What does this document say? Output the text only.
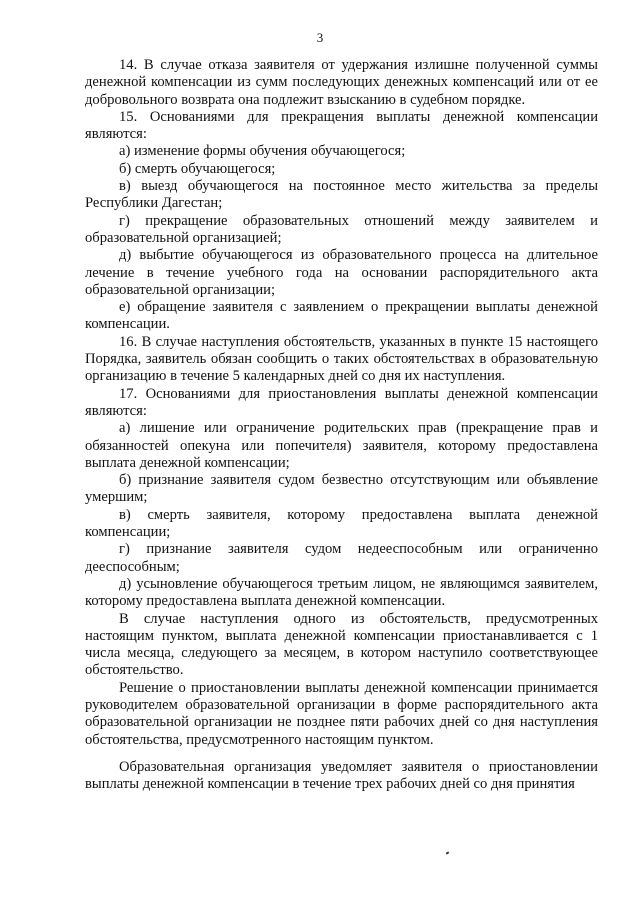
3

14. В случае отказа заявителя от удержания излишне полученной суммы денежной компенсации из сумм последующих денежных компенсаций или от ее добровольного возврата она подлежит взысканию в судебном порядке.

15. Основаниями для прекращения выплаты денежной компенсации являются:

а) изменение формы обучения обучающегося;

б) смерть обучающегося;

в) выезд обучающегося на постоянное место жительства за пределы Республики Дагестан;

г) прекращение образовательных отношений между заявителем и образовательной организацией;

д) выбытие обучающегося из образовательного процесса на длительное лечение в течение учебного года на основании распорядительного акта образовательной организации;

е) обращение заявителя с заявлением о прекращении выплаты денежной компенсации.

16. В случае наступления обстоятельств, указанных в пункте 15 настоящего Порядка, заявитель обязан сообщить о таких обстоятельствах в образовательную организацию в течение 5 календарных дней со дня их наступления.

17. Основаниями для приостановления выплаты денежной компенсации являются:

а) лишение или ограничение родительских прав (прекращение прав и обязанностей опекуна или попечителя) заявителя, которому предоставлена выплата денежной компенсации;

б) признание заявителя судом безвестно отсутствующим или объявление умершим;

в) смерть заявителя, которому предоставлена выплата денежной компенсации;

г) признание заявителя судом недееспособным или ограниченно дееспособным;

д) усыновление обучающегося третьим лицом, не являющимся заявителем, которому предоставлена выплата денежной компенсации.

В случае наступления одного из обстоятельств, предусмотренных настоящим пунктом, выплата денежной компенсации приостанавливается с 1 числа месяца, следующего за месяцем, в котором наступило соответствующее обстоятельство.

Решение о приостановлении выплаты денежной компенсации принимается руководителем образовательной организации в форме распорядительного акта образовательной организации не позднее пяти рабочих дней со дня наступления обстоятельства, предусмотренного настоящим пунктом.

Образовательная организация уведомляет заявителя о приостановлении выплаты денежной компенсации в течение трех рабочих дней со дня принятия
